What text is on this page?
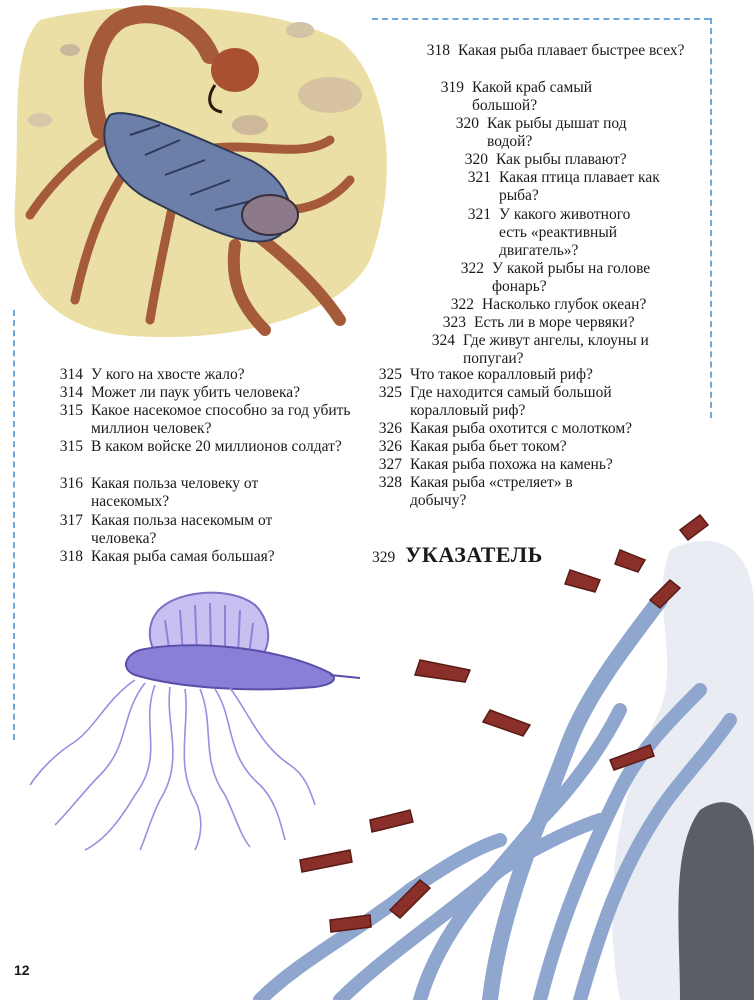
318 Какая рыба плавает быстрее всех?
319 Какой краб самый большой?
320 Как рыбы дышат под водой?
320 Как рыбы плавают?
321 Какая птица плавает как рыба?
321 У какого животного есть «реактивный двигатель»?
322 У какой рыбы на голове фонарь?
322 Насколько глубок океан?
323 Есть ли в море червяки?
324 Где живут ангелы, клоуны и попугаи?
314 У кого на хвосте жало?
314 Может ли паук убить человека?
315 Какое насекомое способно за год убить миллион человек?
315 В каком войске 20 миллионов солдат?
316 Какая польза человеку от насекомых?
317 Какая польза насекомым от человека?
318 Какая рыба самая большая?
325 Что такое коралловый риф?
325 Где находится самый большой коралловый риф?
326 Какая рыба охотится с молотком?
326 Какая рыба бьет током?
327 Какая рыба похожа на камень?
328 Какая рыба «стреляет» в добычу?
329 УКАЗАТЕЛЬ
12
